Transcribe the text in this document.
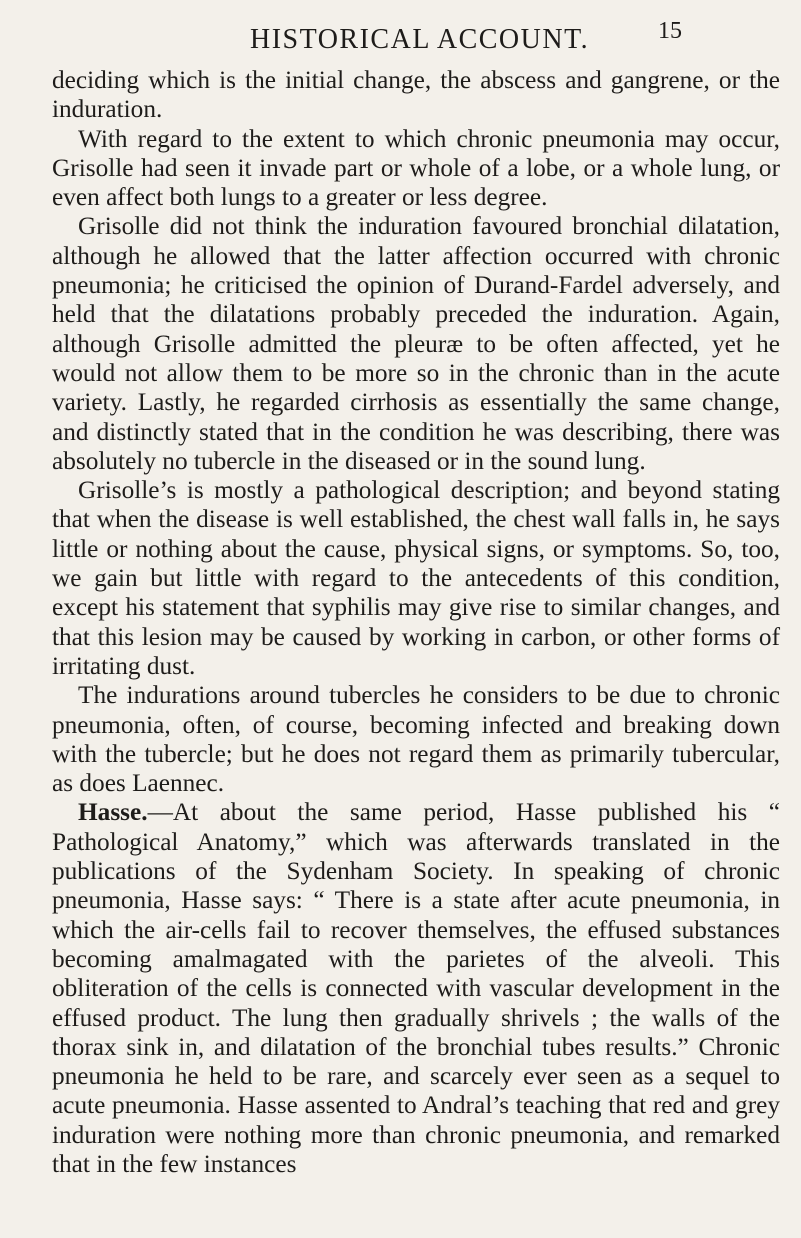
HISTORICAL ACCOUNT.	15

deciding which is the initial change, the abscess and gangrene, or the induration.

With regard to the extent to which chronic pneumonia may occur, Grisolle had seen it invade part or whole of a lobe, or a whole lung, or even affect both lungs to a greater or less degree.

Grisolle did not think the induration favoured bronchial dilatation, although he allowed that the latter affection occurred with chronic pneumonia; he criticised the opinion of Durand-Fardel adversely, and held that the dilatations probably preceded the induration. Again, although Grisolle admitted the pleuræ to be often affected, yet he would not allow them to be more so in the chronic than in the acute variety. Lastly, he regarded cirrhosis as essentially the same change, and distinctly stated that in the condition he was describing, there was absolutely no tubercle in the diseased or in the sound lung.

Grisolle’s is mostly a pathological description; and beyond stating that when the disease is well established, the chest wall falls in, he says little or nothing about the cause, physical signs, or symptoms. So, too, we gain but little with regard to the antecedents of this condition, except his statement that syphilis may give rise to similar changes, and that this lesion may be caused by working in carbon, or other forms of irritating dust.

The indurations around tubercles he considers to be due to chronic pneumonia, often, of course, becoming infected and breaking down with the tubercle; but he does not regard them as primarily tubercular, as does Laennec.

Hasse.—At about the same period, Hasse published his “ Pathological Anatomy,” which was afterwards translated in the publications of the Sydenham Society. In speaking of chronic pneumonia, Hasse says: “ There is a state after acute pneumonia, in which the air-cells fail to recover themselves, the effused substances becoming amalmagated with the parietes of the alveoli. This obliteration of the cells is connected with vascular development in the effused product. The lung then gradually shrivels ; the walls of the thorax sink in, and dilatation of the bronchial tubes results.” Chronic pneumonia he held to be rare, and scarcely ever seen as a sequel to acute pneumonia. Hasse assented to Andral’s teaching that red and grey induration were nothing more than chronic pneumonia, and remarked that in the few instances
